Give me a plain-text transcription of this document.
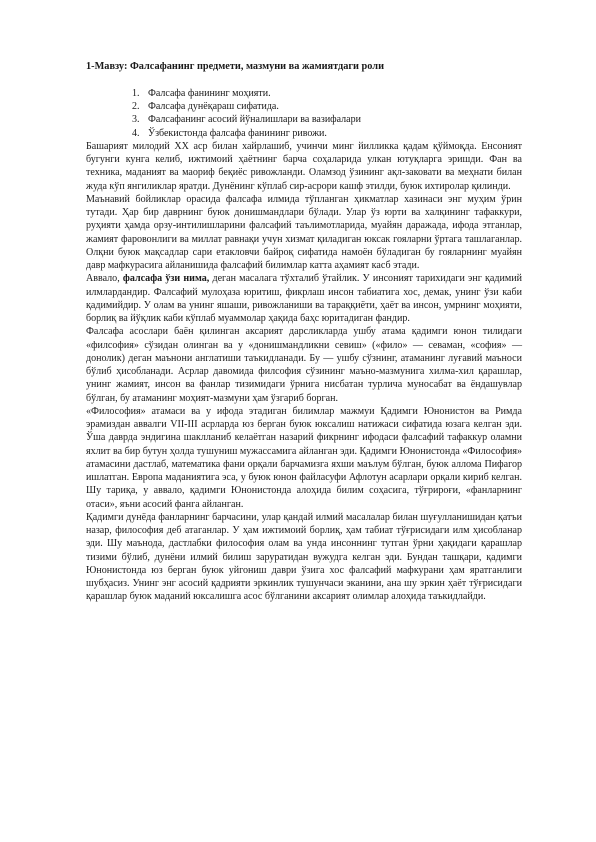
1-Мавзу: Фалсафанинг предмети, мазмуни ва жамиятдаги роли
1. Фалсафа фанининг моҳияти.
2. Фалсафа дунёқараш сифатида.
3. Фалсафанинг асосий йўналишлари ва вазифалари
4. Ўзбекистонда фалсафа фанининг ривожи.

Башарият милодий XX аср билан хайрлашиб, учинчи минг йилликка қадам қўймоқда. Енсоният бугунги кунга келиб, ижтимоий ҳаётнинг барча соҳаларида улкан ютуқларга эришди. Фан ва техника, маданият ва маориф беқиёс ривожланди. Оламзод ўзининг ақл-заковати ва меҳнати билан жуда кўп янгиликлар яратди. Дунёнинг кўплаб сир-асрори кашф этилди, буюк ихтиролар қилинди.

Маънавий бойликлар орасида фалсафа илмида тўпланган ҳикматлар хазинаси энг муҳим ўрин тутади. Ҳар бир даврнинг буюк донишмандлари бўлади. Улар ўз юрти ва халқининг тафаккури, руҳияти ҳамда орзу-интилишларини фалсафий таълимотларида, муайян даражада, ифода этганлар, жамият фаровонлиги ва миллат равнақи учун хизмат қиладиган юксак гояларни ўртага ташлаганлар. Олқни буюк мақсадлар сари етакловчи байроқ сифатида намоён бўладиган бу гояларнинг муайян давр мафкурасига айланишида фалсафий билимлар катта аҳамият касб этади.

Аввало, фалсафа ўзи нима, деган масалага тўхталиб ўтайлик. У инсоният тарихидаги энг қадимий илмлардандир. Фалсафий мулоҳаза юритиш, фикрлаш инсон табиатига хос, демак, унинг ўзи каби қадимийдир. У олам ва унинг яшаши, ривожланиши ва тараққиёти, ҳаёт ва инсон, умрнинг моҳияти, борлиқ ва йўқлик каби кўплаб муаммолар ҳақида баҳс юритадиган фандир.

Фалсафа асослари баён қилинган аксарият дарсликларда ушбу атама қадимги юнон тилидаги «филсофия» сўзидан олинган ва у «донишмандликни севиш» («филo» — севаман, «софия» — донолик) деган маънони англатиши таъкидланади. Бу — ушбу сўзнинг, атаманинг луғавий маъноси бўлиб ҳисобланади. Асрлар давомида филсофия сўзининг маъно-мазмунига хилма-хил қарашлар, унинг жамият, инсон ва фанлар тизимидаги ўрнига нисбатан турлича муносабат ва ёндашувлар бўлган, бу атаманинг моҳият-мазмуни ҳам ўзгариб борган.

«Философия» атамаси ва у ифода этадиган билимлар мажмуи Қадимги Юнонистон ва Римда эрамиздан аввалги VII-III асрларда юз берган буюк юксалиш натижаси сифатида юзага келган эди. Ўша даврда эндигина шаклланиб келаётган назарий фикрнинг ифодаси фалсафий тафаккур оламни яхлит ва бир бутун ҳолда тушуниш мужассамига айланган эди. Қадимги Юнонистонда «Философия» атамасини дастлаб, математика фани орқали барчамизга яхши маълум бўлган, буюк аллома Пифагор ишлатган. Европа маданиятига эса, у буюк юнон файласуфи Афлотун асарлари орқали кириб келган. Шу тариқа, у аввало, қадимги Юнонистонда алоҳида билим соҳасига, тўғрироғи, «фанларнинг отаси», яъни асосий фанга айланган.

Қадимги дунёда фанларнинг барчасини, улар қандай илмий масалалар билан шуғулланишидан қатъи назар, философия деб атаганлар. У ҳам ижтимоий борлиқ, ҳам табиат тўғрисидаги илм ҳисобланар эди. Шу маънода, дастлабки философия олам ва унда инсоннинг тутган ўрни ҳақидаги қарашлар тизими бўлиб, дунёни илмий билиш заруратидан вужудга келган эди. Бундан ташқари, қадимги Юнонистонда юз берган буюк уйгониш даври ўзига хос фалсафий мафкурани ҳам яратганлиги шубҳасиз. Унинг энг асосий қадрияти эркинлик тушунчаси эканини, ана шу эркин ҳаёт тўғрисидаги қарашлар буюк маданий юксалишга асос бўлганини аксарият олимлар алоҳида таъкидлайди.
